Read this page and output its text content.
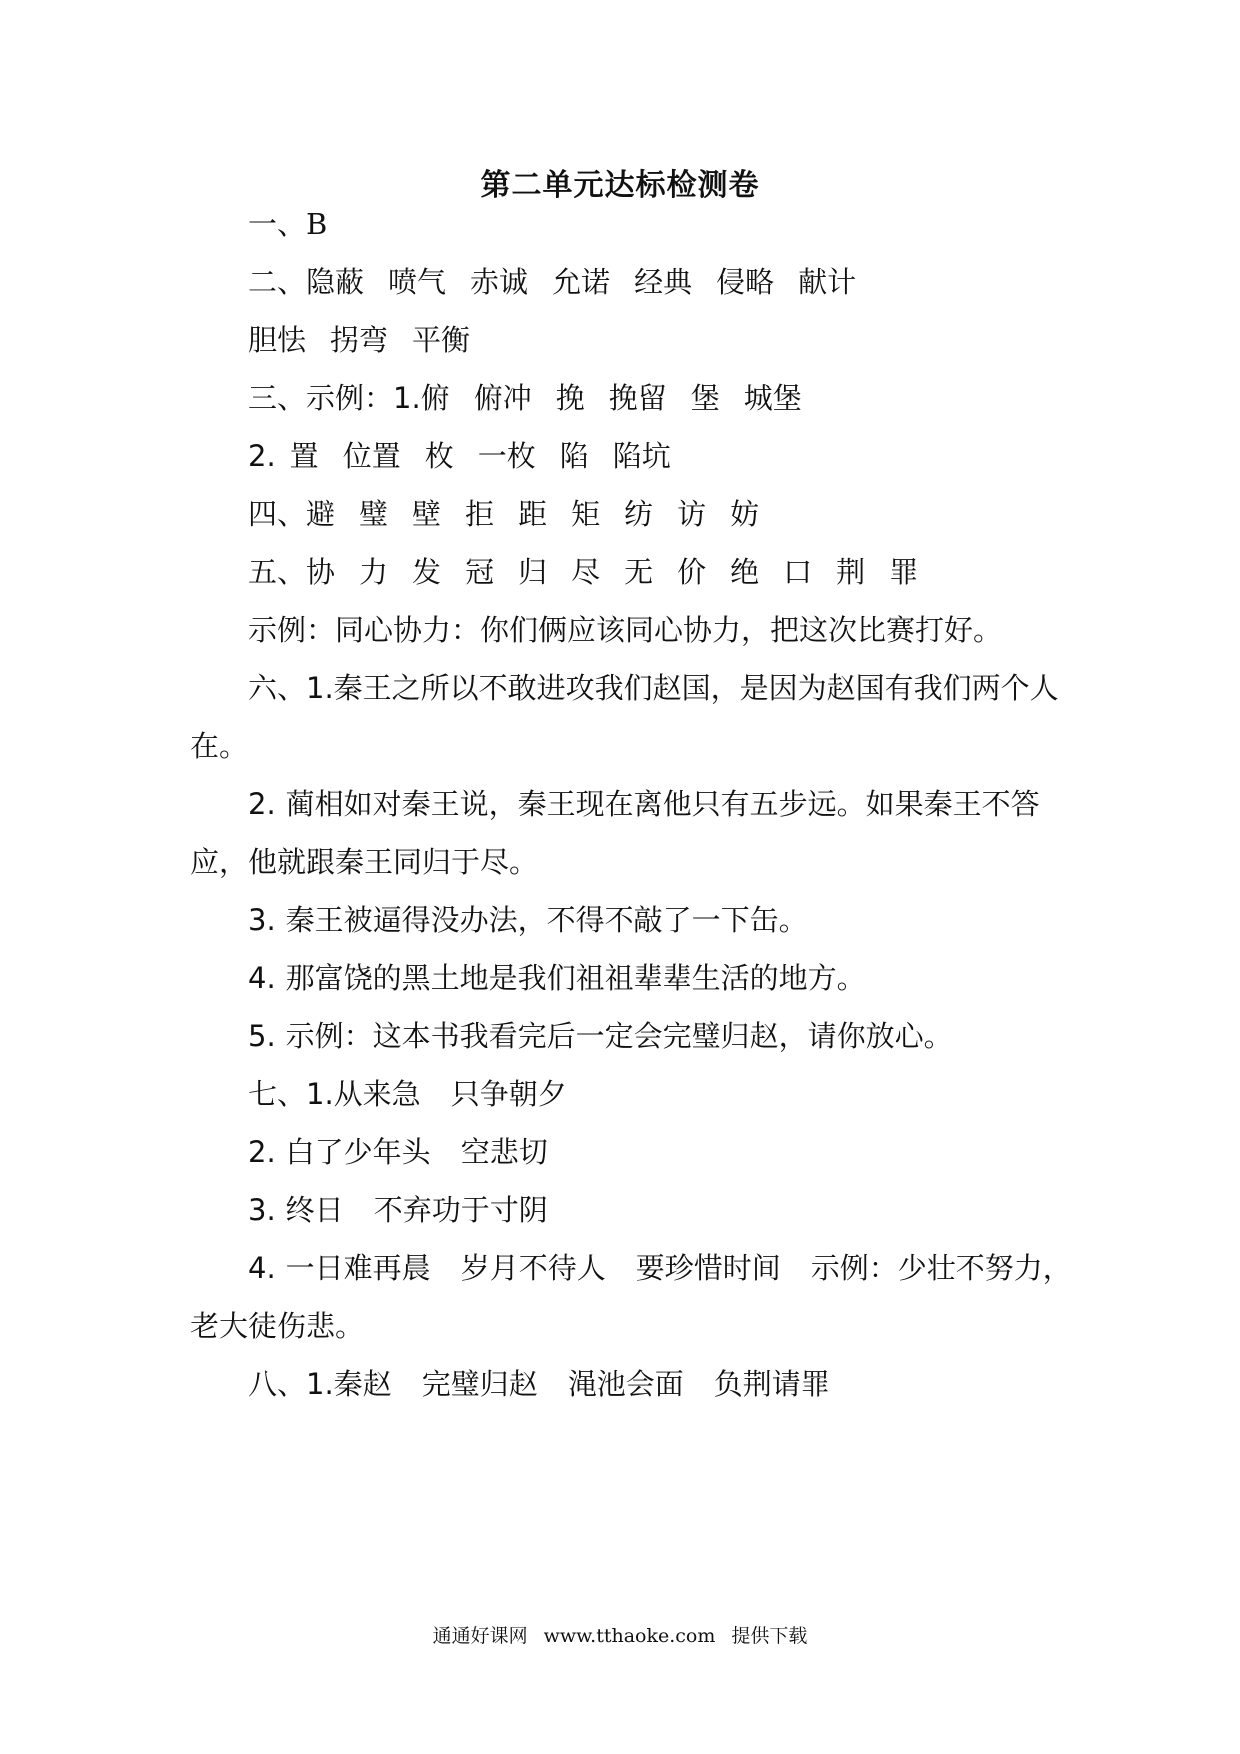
第二单元达标检测卷
一、 B
二、 隐蔽 喷气 赤诚 允诺 经典 侵略 献计
胆怯 拐弯 平衡
三、示例：1. 俯 俯冲 挽 挽留 堡 城堡
2. 置 位置 枚 一枚 陷 陷坑
四、 避 璧 壁 拒 距 矩 纺 访 妨
五、 协 力 发 冠 归 尽 无 价 绝 口 荆 罪
示例：同心协力：你们俩应该同心协力，把这次比赛打好。
六、1. 秦王之所以不敢进攻我们赵国，是因为赵国有我们两个人
在。
2. 蔺相如对秦王说，秦王现在离他只有五步远。如果秦王不答
应，他就跟秦王同归于尽。
3. 秦王被逼得没办法，不得不敲了一下缶。
4. 那富饶的黑土地是我们祖祖辈辈生活的地方。
5. 示例：这本书我看完后一定会完璧归赵，请你放心。
七、1. 从来急 只争朝夕
2. 白了少年头 空悲切
3. 终日 不弃功于寸阴
4. 一日难再晨 岁月不待人 要珍惜时间 示例：少壮不努力，
老大徒伤悲。
八、1. 秦赵 完璧归赵 渑池会面 负荆请罪
通通好课网 www.tthaoke.com 提供下载
